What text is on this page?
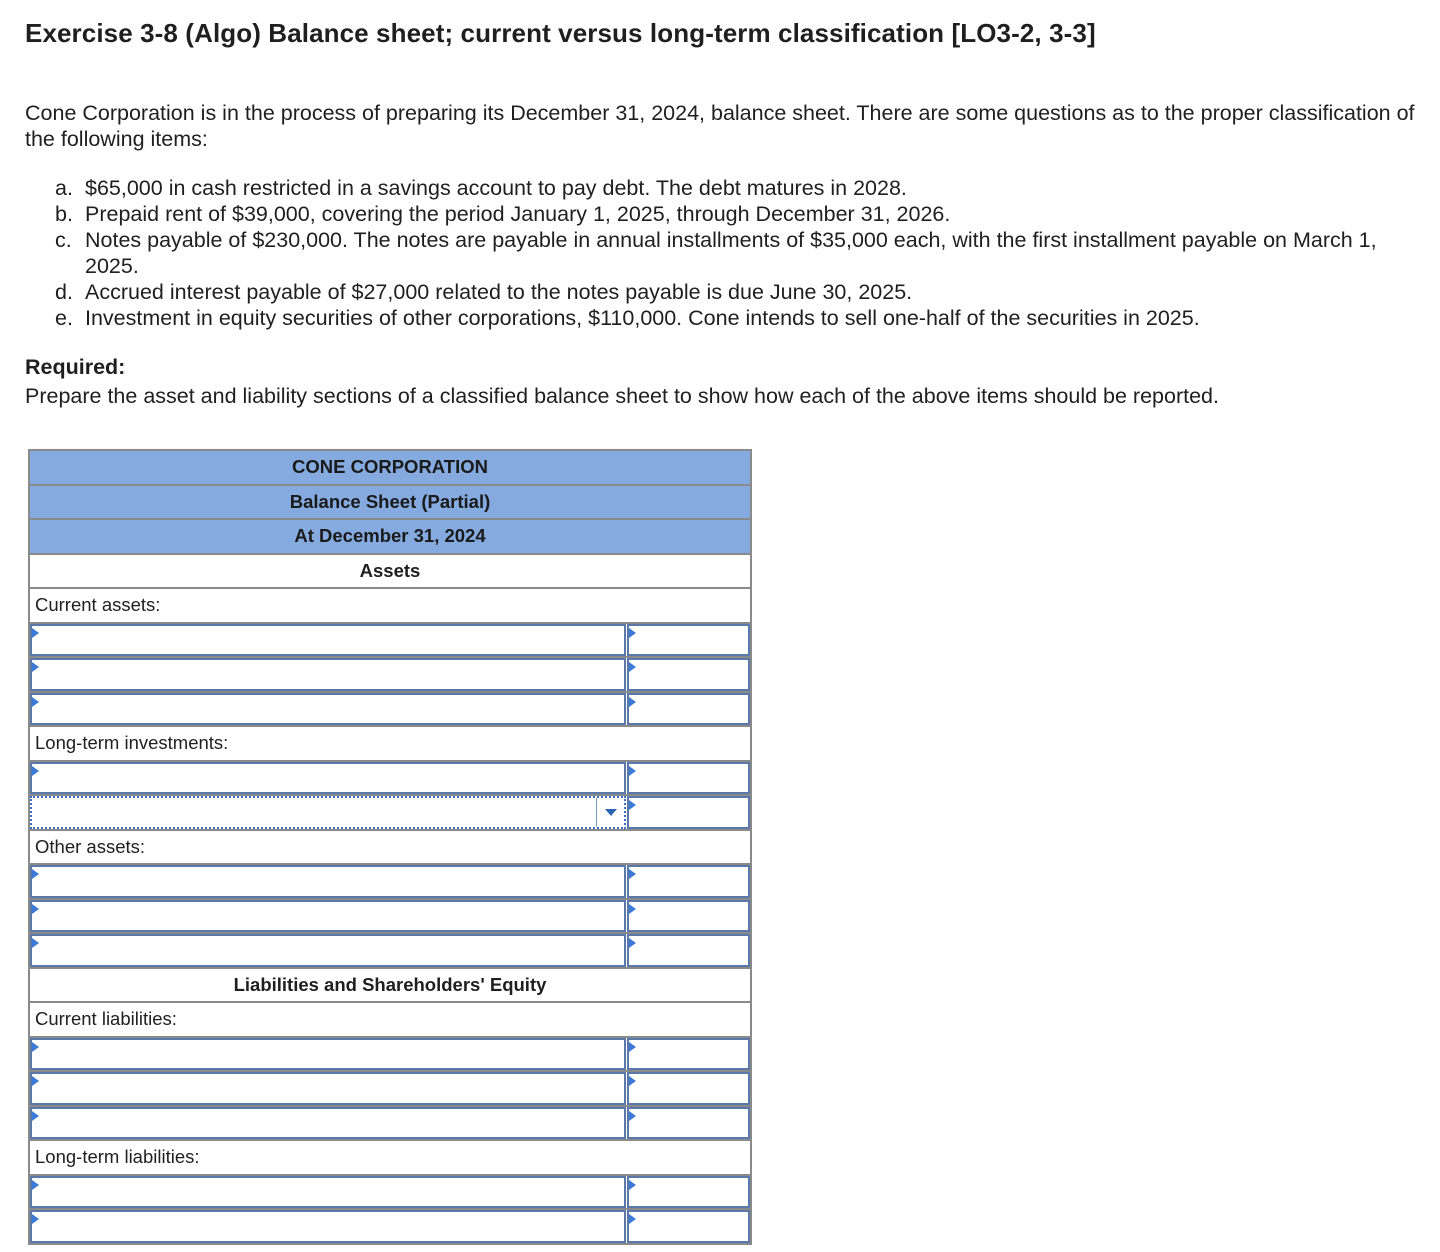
Exercise 3-8 (Algo) Balance sheet; current versus long-term classification [LO3-2, 3-3]

Cone Corporation is in the process of preparing its December 31, 2024, balance sheet. There are some questions as to the proper classification of the following items:

a. $65,000 in cash restricted in a savings account to pay debt. The debt matures in 2028.
b. Prepaid rent of $39,000, covering the period January 1, 2025, through December 31, 2026.
c. Notes payable of $230,000. The notes are payable in annual installments of $35,000 each, with the first installment payable on March 1, 2025.
d. Accrued interest payable of $27,000 related to the notes payable is due June 30, 2025.
e. Investment in equity securities of other corporations, $110,000. Cone intends to sell one-half of the securities in 2025.
Required:

Prepare the asset and liability sections of a classified balance sheet to show how each of the above items should be reported.

CONE CORPORATION
Balance Sheet (Partial)
At December 31, 2024
Assets
Current assets:
Long-term investments:
Other assets:
Liabilities and Shareholders' Equity
Current liabilities:
Long-term liabilities:
